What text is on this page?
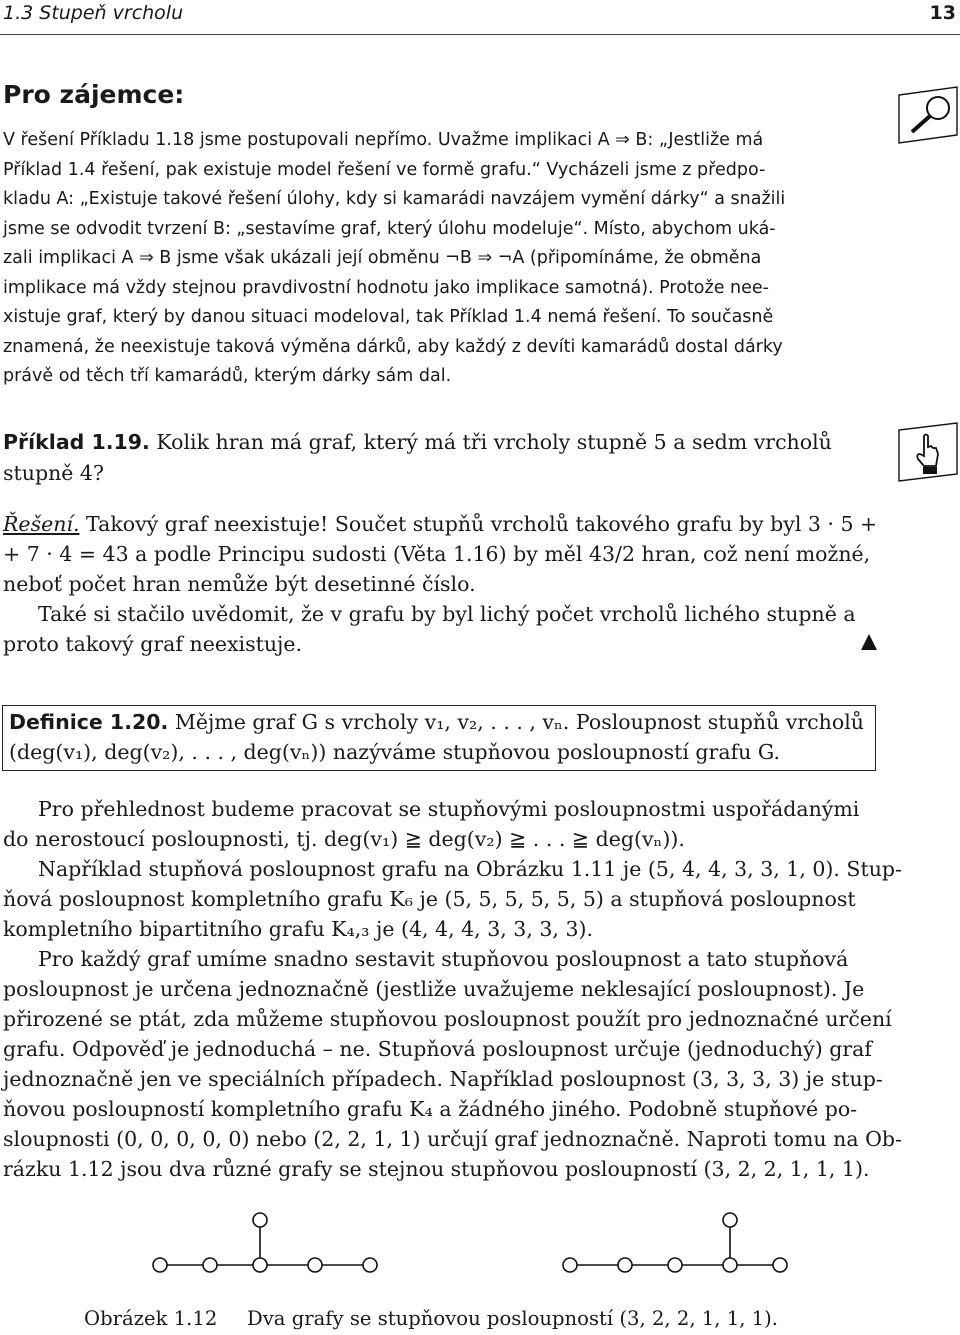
1.3 Stupeň vrcholu	13
Pro zájemce:
V řešení Příkladu 1.18 jsme postupovali nepřímo. Uvažme implikaci A ⇒ B: „Jestliže má
Příklad 1.4 řešení, pak existuje model řešení ve formě grafu.“ Vycházeli jsme z předpo-
kladu A: „Existuje takové řešení úlohy, kdy si kamarádi navzájem vymění dárky“ a snažili
jsme se odvodit tvrzení B: „sestavíme graf, který úlohu modeluje“. Místo, abychom uká-
zali implikaci A ⇒ B jsme však ukázali její obměnu ¬B ⇒ ¬A (připomínáme, že obměna
implikace má vždy stejnou pravdivostní hodnotu jako implikace samotná). Protože nee-
xistuje graf, který by danou situaci modeloval, tak Příklad 1.4 nemá řešení. To současně
znamená, že neexistuje taková výměna dárků, aby každý z devíti kamarádů dostal dárky
právě od těch tří kamarádů, kterým dárky sám dal.
Příklad 1.19. Kolik hran má graf, který má tři vrcholy stupně 5 a sedm vrcholů
stupně 4?
Řešení. Takový graf neexistuje! Součet stupňů vrcholů takového grafu by byl 3 · 5 +
+ 7 · 4 = 43 a podle Principu sudosti (Věta 1.16) by měl 43/2 hran, což není možné,
neboť počet hran nemůže být desetinné číslo.
Také si stačilo uvědomit, že v grafu by byl lichý počet vrcholů lichého stupně a
proto takový graf neexistuje.
Definice 1.20. Mějme graf G s vrcholy v₁, v₂, . . . , vₙ. Posloupnost stupňů vrcholů
(deg(v₁), deg(v₂), . . . , deg(vₙ)) nazýváme stupňovou posloupností grafu G.
Pro přehlednost budeme pracovat se stupňovými posloupnostmi uspořádanými
do nerostoucí posloupnosti, tj. deg(v₁) ≧ deg(v₂) ≧ . . . ≧ deg(vₙ)).
Například stupňová posloupnost grafu na Obrázku 1.11 je (5, 4, 4, 3, 3, 1, 0). Stup-
ňová posloupnost kompletního grafu K₆ je (5, 5, 5, 5, 5, 5) a stupňová posloupnost
kompletního bipartitního grafu K₄,₃ je (4, 4, 4, 3, 3, 3, 3).
Pro každý graf umíme snadno sestavit stupňovou posloupnost a tato stupňová
posloupnost je určena jednoznačně (jestliže uvažujeme neklesající posloupnost). Je
přirozené se ptát, zda můžeme stupňovou posloupnost použít pro jednoznačné určení
grafu. Odpověď je jednoduchá – ne. Stupňová posloupnost určuje (jednoduchý) graf
jednoznačně jen ve speciálních případech. Například posloupnost (3, 3, 3, 3) je stup-
ňovou posloupností kompletního grafu K₄ a žádného jiného. Podobně stupňové po-
sloupnosti (0, 0, 0, 0, 0) nebo (2, 2, 1, 1) určují graf jednoznačně. Naproti tomu na Ob-
rázku 1.12 jsou dva různé grafy se stejnou stupňovou posloupností (3, 2, 2, 1, 1, 1).
Obrázek 1.12 Dva grafy se stupňovou posloupností (3, 2, 2, 1, 1, 1).
